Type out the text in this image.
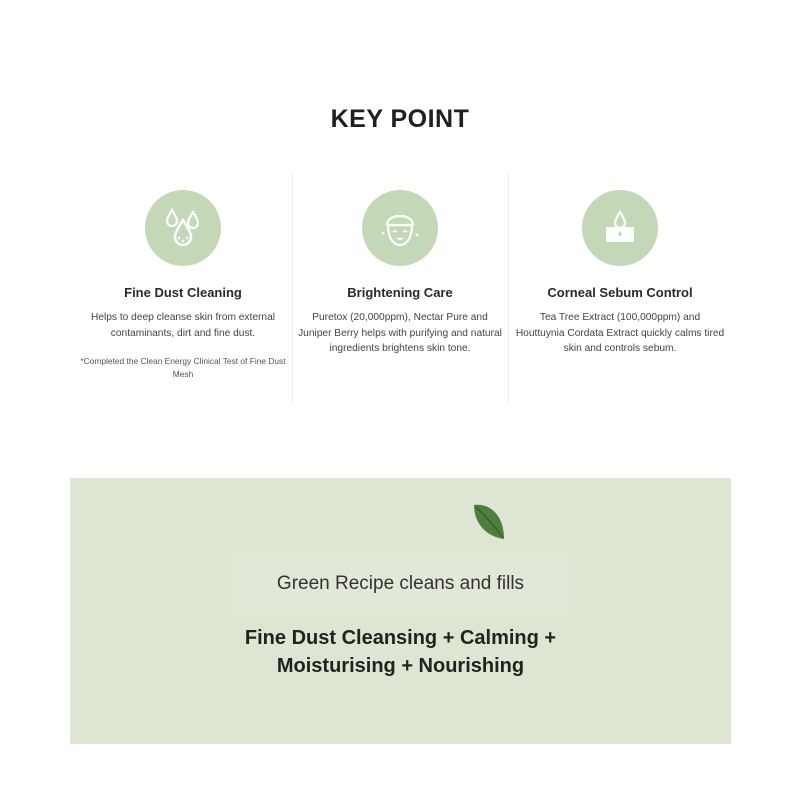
KEY POINT
Fine Dust Cleaning
Helps to deep cleanse skin from external contaminants, dirt and fine dust.
*Completed the Clean Energy Clinical Test of Fine Dust Mesh
Brightening Care
Puretox (20,000ppm), Nectar Pure and Juniper Berry helps with purifying and natural ingredients brightens skin tone.
Corneal Sebum Control
Tea Tree Extract (100,000ppm) and Houttuynia Cordata Extract quickly calms tired skin and controls sebum.
Green Recipe cleans and fills
Fine Dust Cleansing + Calming +
Moisturising + Nourishing
